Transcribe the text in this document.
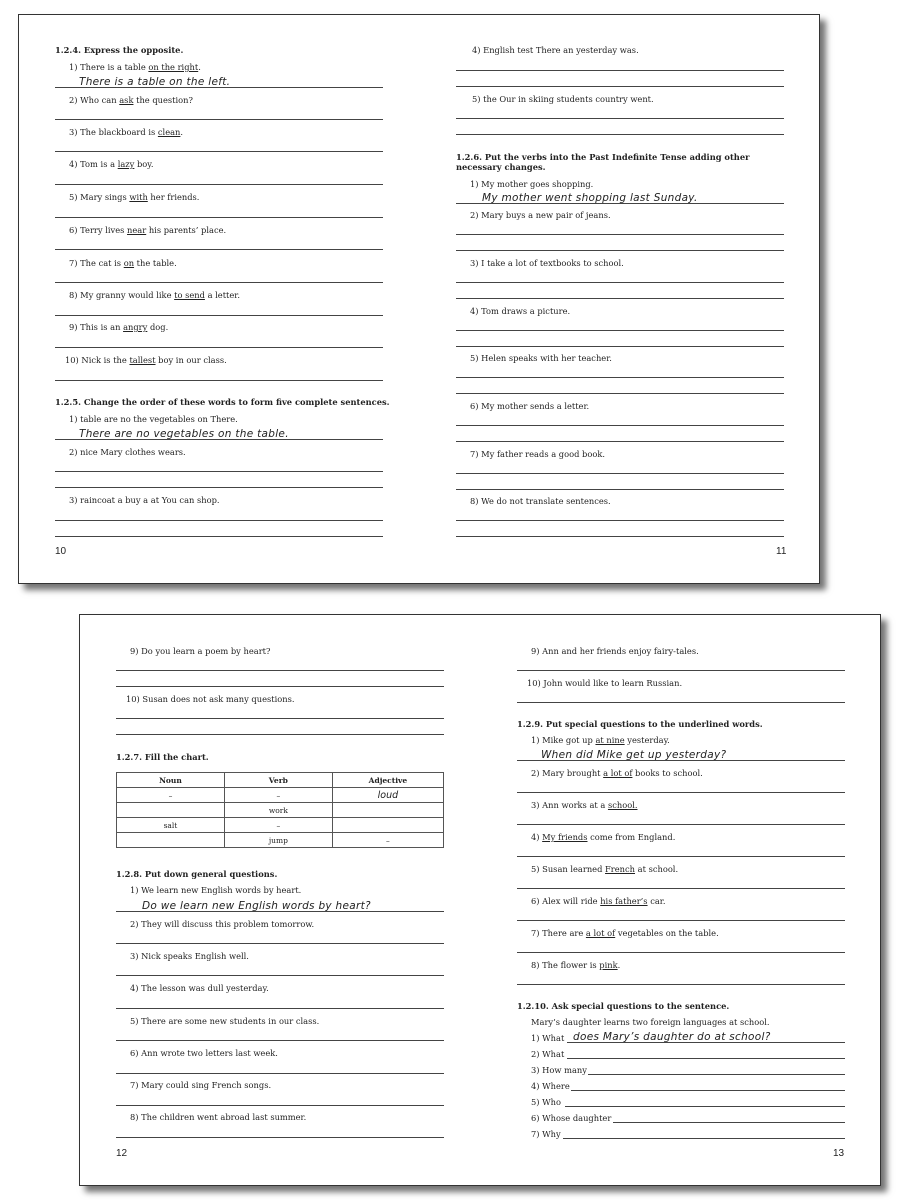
1.2.4. Express the opposite.
1) There is a table on the right.
There is a table on the left.
2) Who can ask the question?
3) The blackboard is clean.
4) Tom is a lazy boy.
5) Mary sings with her friends.
6) Terry lives near his parents’ place.
7) The cat is on the table.
8) My granny would like to send a letter.
9) This is an angry dog.
10) Nick is the tallest boy in our class.
1.2.5. Change the order of these words to form five complete sentences.
1) table are no the vegetables on There.
There are no vegetables on the table.
2) nice Mary clothes wears.
3) raincoat a buy a at You can shop.
10
4) English test There an yesterday was.
5) the Our in skiing students country went.
1.2.6. Put the verbs into the Past Indefinite Tense adding other necessary changes.
1) My mother goes shopping.
My mother went shopping last Sunday.
2) Mary buys a new pair of jeans.
3) I take a lot of textbooks to school.
4) Tom draws a picture.
5) Helen speaks with her teacher.
6) My mother sends a letter.
7) My father reads a good book.
8) We do not translate sentences.
11
9) Do you learn a poem by heart?
10) Susan does not ask many questions.
1.2.7. Fill the chart.
Noun	Verb	Adjective
–	–	loud
	work	
salt	–	
	jump	–
1.2.8. Put down general questions.
1) We learn new English words by heart.
Do we learn new English words by heart?
2) They will discuss this problem tomorrow.
3) Nick speaks English well.
4) The lesson was dull yesterday.
5) There are some new students in our class.
6) Ann wrote two letters last week.
7) Mary could sing French songs.
8) The children went abroad last summer.
12
9) Ann and her friends enjoy fairy-tales.
10) John would like to learn Russian.
1.2.9. Put special questions to the underlined words.
1) Mike got up at nine yesterday.
When did Mike get up yesterday?
2) Mary brought a lot of books to school.
3) Ann works at a school.
4) My friends come from England.
5) Susan learned French at school.
6) Alex will ride his father’s car.
7) There are a lot of vegetables on the table.
8) The flower is pink.
1.2.10. Ask special questions to the sentence.
Mary’s daughter learns two foreign languages at school.
1) What does Mary’s daughter do at school?
2) What
3) How many
4) Where
5) Who
6) Whose daughter
7) Why
13
